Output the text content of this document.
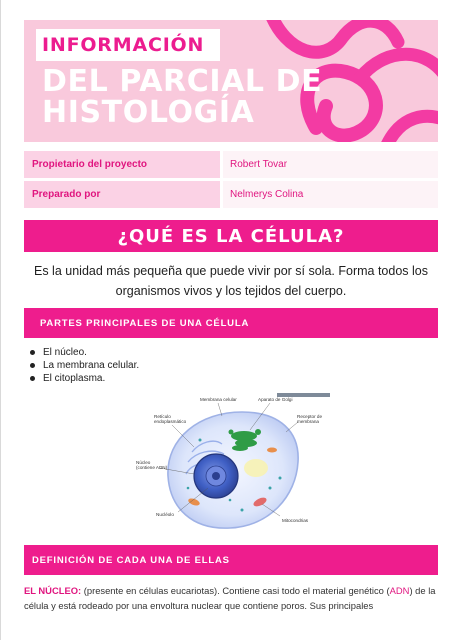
INFORMACIÓN
DEL PARCIAL DE
HISTOLOGÍA
Propietario del proyecto	Robert Tovar
Preparado por	Nelmerys Colina
¿QUÉ ES LA CÉLULA?

Es la unidad más pequeña que puede vivir por sí sola. Forma todos los organismos vivos y los tejidos del cuerpo.

PARTES PRINCIPALES DE UNA CÉLULA
El núcleo.
La membrana celular.
El citoplasma.
Membrana celular	Aparato de Golgi
Retículo
endoplasmático
Receptor de
membrana
Núcleo
(contiene ADN)
Nucléolo
Mitocondrias
DEFINICIÓN DE CADA UNA DE ELLAS

EL NÚCLEO: (presente en células eucariotas). Contiene casi todo el material genético (ADN) de la célula y está rodeado por una envoltura nuclear que contiene poros. Sus principales
